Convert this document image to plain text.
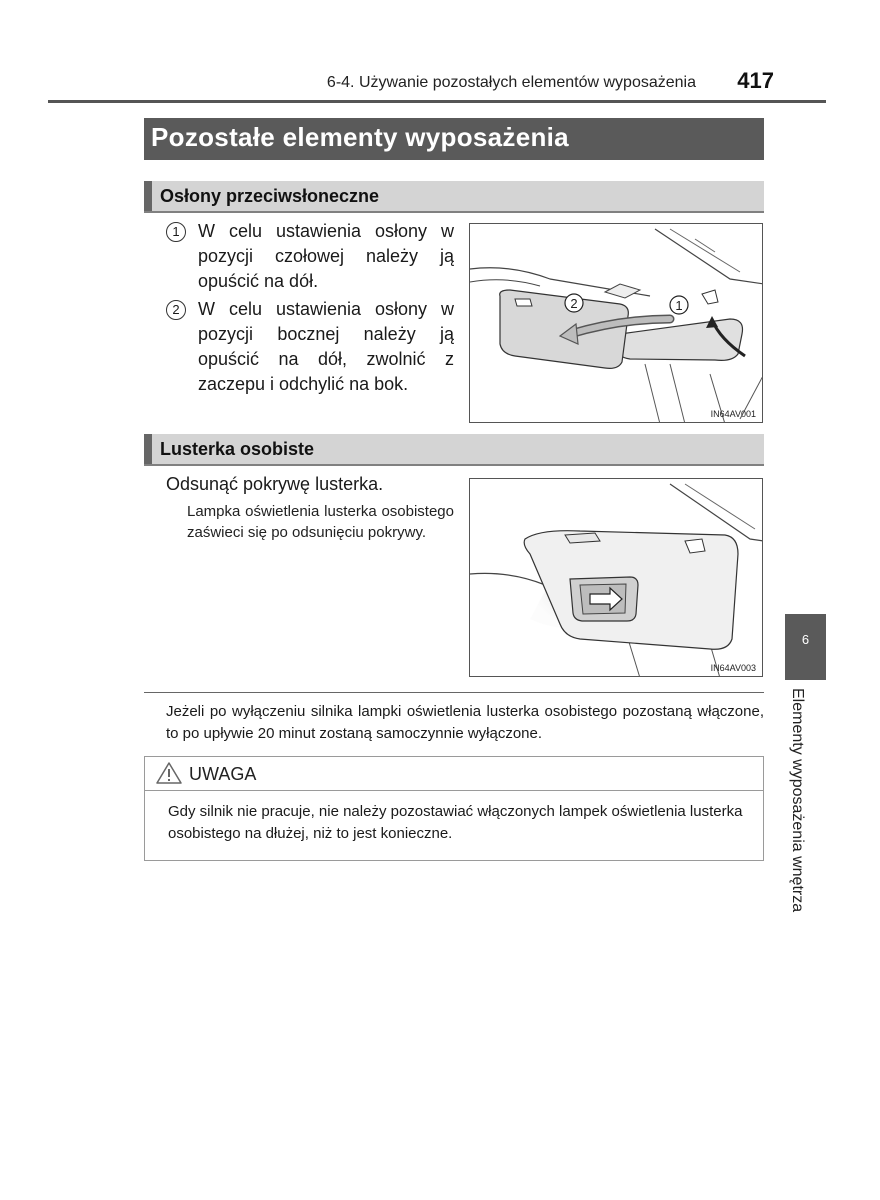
6-4. Używanie pozostałych elementów wyposażenia	417
Pozostałe elementy wyposażenia
Osłony przeciwsłoneczne
1	W celu ustawienia osłony w pozycji czołowej należy ją opuścić na dół.
2	W celu ustawienia osłony w pozycji bocznej należy ją opuścić na dół, zwolnić z zaczepu i odchylić na bok.
2	1
IN64AV001
Lusterka osobiste
Odsunąć pokrywę lusterka.
Lampka oświetlenia lusterka osobistego zaświeci się po odsunięciu pokrywy.
IN64AV003
Jeżeli po wyłączeniu silnika lampki oświetlenia lusterka osobistego pozostaną włączone, to po upływie 20 minut zostaną samoczynnie wyłączone.
UWAGA
Gdy silnik nie pracuje, nie należy pozostawiać włączonych lampek oświetlenia lusterka osobistego na dłużej, niż to jest konieczne.
6
Elementy wyposażenia wnętrza
